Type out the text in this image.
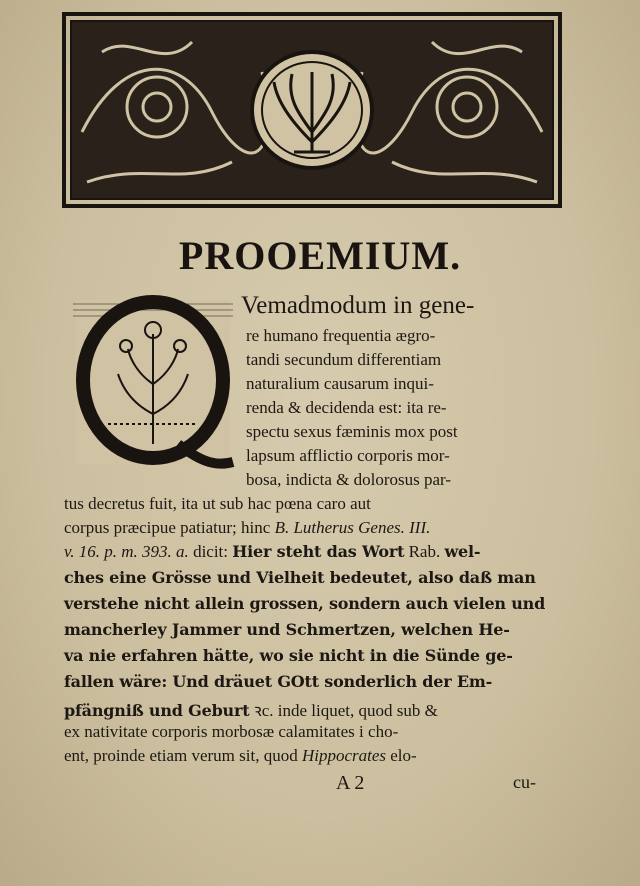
PROOEMIUM.
Vemadmodum in gene-
re humano frequentia ægro-
tandi secundum differentiam
naturalium causarum inqui-
renda & decidenda est: ita re-
spectu sexus fæminis mox post
lapsum afflictio corporis mor-
bosa, indicta & dolorosus par-
tus decretus fuit, ita ut sub hac pœna caro aut
corpus præcipue patiatur; hinc B. Lutherus Genes. III.
v. 16. p. m. 393. a. dicit: Hier steht das Wort Rab. wel-
ches eine Grösse und Vielheit bedeutet, also daß man
verstehe nicht allein grossen, sondern auch vielen und
mancherley Jammer und Schmertzen, welchen He-
va nie erfahren hätte, wo sie nicht in die Sünde ge-
fallen wäre: Und dräuet GOtt sonderlich der Em-
pfängniß und Geburt ꝛc. inde liquet, quod sub &
ex nativitate corporis morbosæ calamitates i cho-
ent, proinde etiam verum sit, quod Hippocrates elo-
A 2	cu-
